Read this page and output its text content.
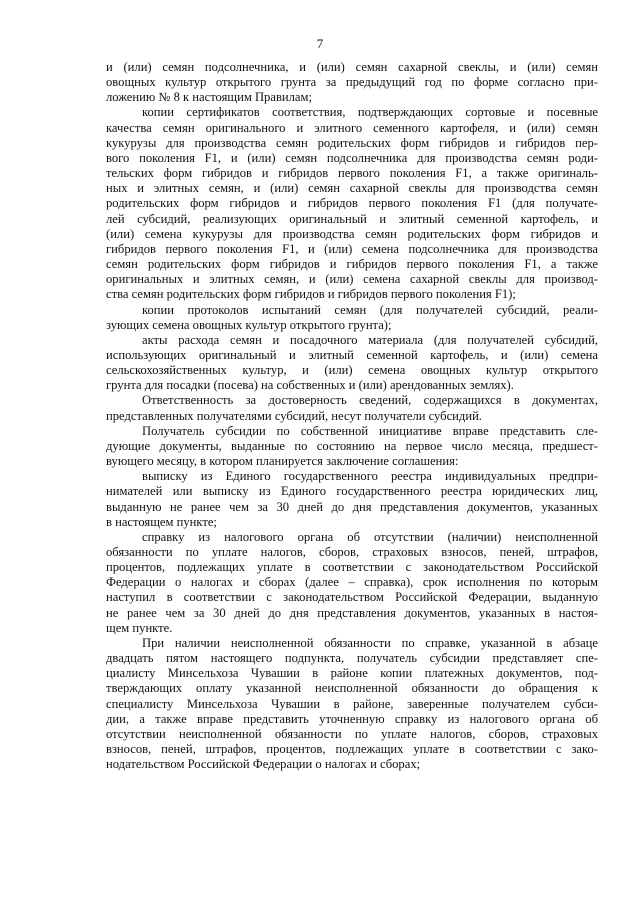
7

и (или) семян подсолнечника, и (или) семян сахарной свеклы, и (или) семян

овощных культур открытого грунта за предыдущий год по форме согласно при-

ложению № 8 к настоящим Правилам;

копии сертификатов соответствия, подтверждающих сортовые и посевные

качества семян оригинального и элитного семенного картофеля, и (или) семян

кукурузы для производства семян родительских форм гибридов и гибридов пер-

вого поколения F1, и (или) семян подсолнечника для производства семян роди-

тельских форм гибридов и гибридов первого поколения F1, а также оригиналь-

ных и элитных семян, и (или) семян сахарной свеклы для производства семян

родительских форм гибридов и гибридов первого поколения F1 (для получате-

лей субсидий, реализующих оригинальный и элитный семенной картофель, и

(или) семена кукурузы для производства семян родительских форм гибридов и

гибридов первого поколения F1, и (или) семена подсолнечника для производства

семян родительских форм гибридов и гибридов первого поколения F1, а также

оригинальных и элитных семян, и (или) семена сахарной свеклы для производ-

ства семян родительских форм гибридов и гибридов первого поколения F1);

копии протоколов испытаний семян (для получателей субсидий, реали-

зующих семена овощных культур открытого грунта);

акты расхода семян и посадочного материала (для получателей субсидий,

использующих оригинальный и элитный семенной картофель, и (или) семена

сельскохозяйственных культур, и (или) семена овощных культур открытого

грунта для посадки (посева) на собственных и (или) арендованных землях).

Ответственность за достоверность сведений, содержащихся в документах,

представленных получателями субсидий, несут получатели субсидий.

Получатель субсидии по собственной инициативе вправе представить сле-

дующие документы, выданные по состоянию на первое число месяца, предшест-

вующего месяцу, в котором планируется заключение соглашения:

выписку из Единого государственного реестра индивидуальных предпри-

нимателей или выписку из Единого государственного реестра юридических лиц,

выданную не ранее чем за 30 дней до дня представления документов, указанных

в настоящем пункте;

справку из налогового органа об отсутствии (наличии) неисполненной

обязанности по уплате налогов, сборов, страховых взносов, пеней, штрафов,

процентов, подлежащих уплате в соответствии с законодательством Российской

Федерации о налогах и сборах (далее – справка), срок исполнения по которым

наступил в соответствии с законодательством Российской Федерации, выданную

не ранее чем за 30 дней до дня представления документов, указанных в настоя-

щем пункте.

При наличии неисполненной обязанности по справке, указанной в абзаце

двадцать пятом настоящего подпункта, получатель субсидии представляет спе-

циалисту Минсельхоза Чувашии в районе копии платежных документов, под-

тверждающих оплату указанной неисполненной обязанности до обращения к

специалисту Минсельхоза Чувашии в районе, заверенные получателем субси-

дии, а также вправе представить уточненную справку из налогового органа об

отсутствии неисполненной обязанности по уплате налогов, сборов, страховых

взносов, пеней, штрафов, процентов, подлежащих уплате в соответствии с зако-

нодательством Российской Федерации о налогах и сборах;
